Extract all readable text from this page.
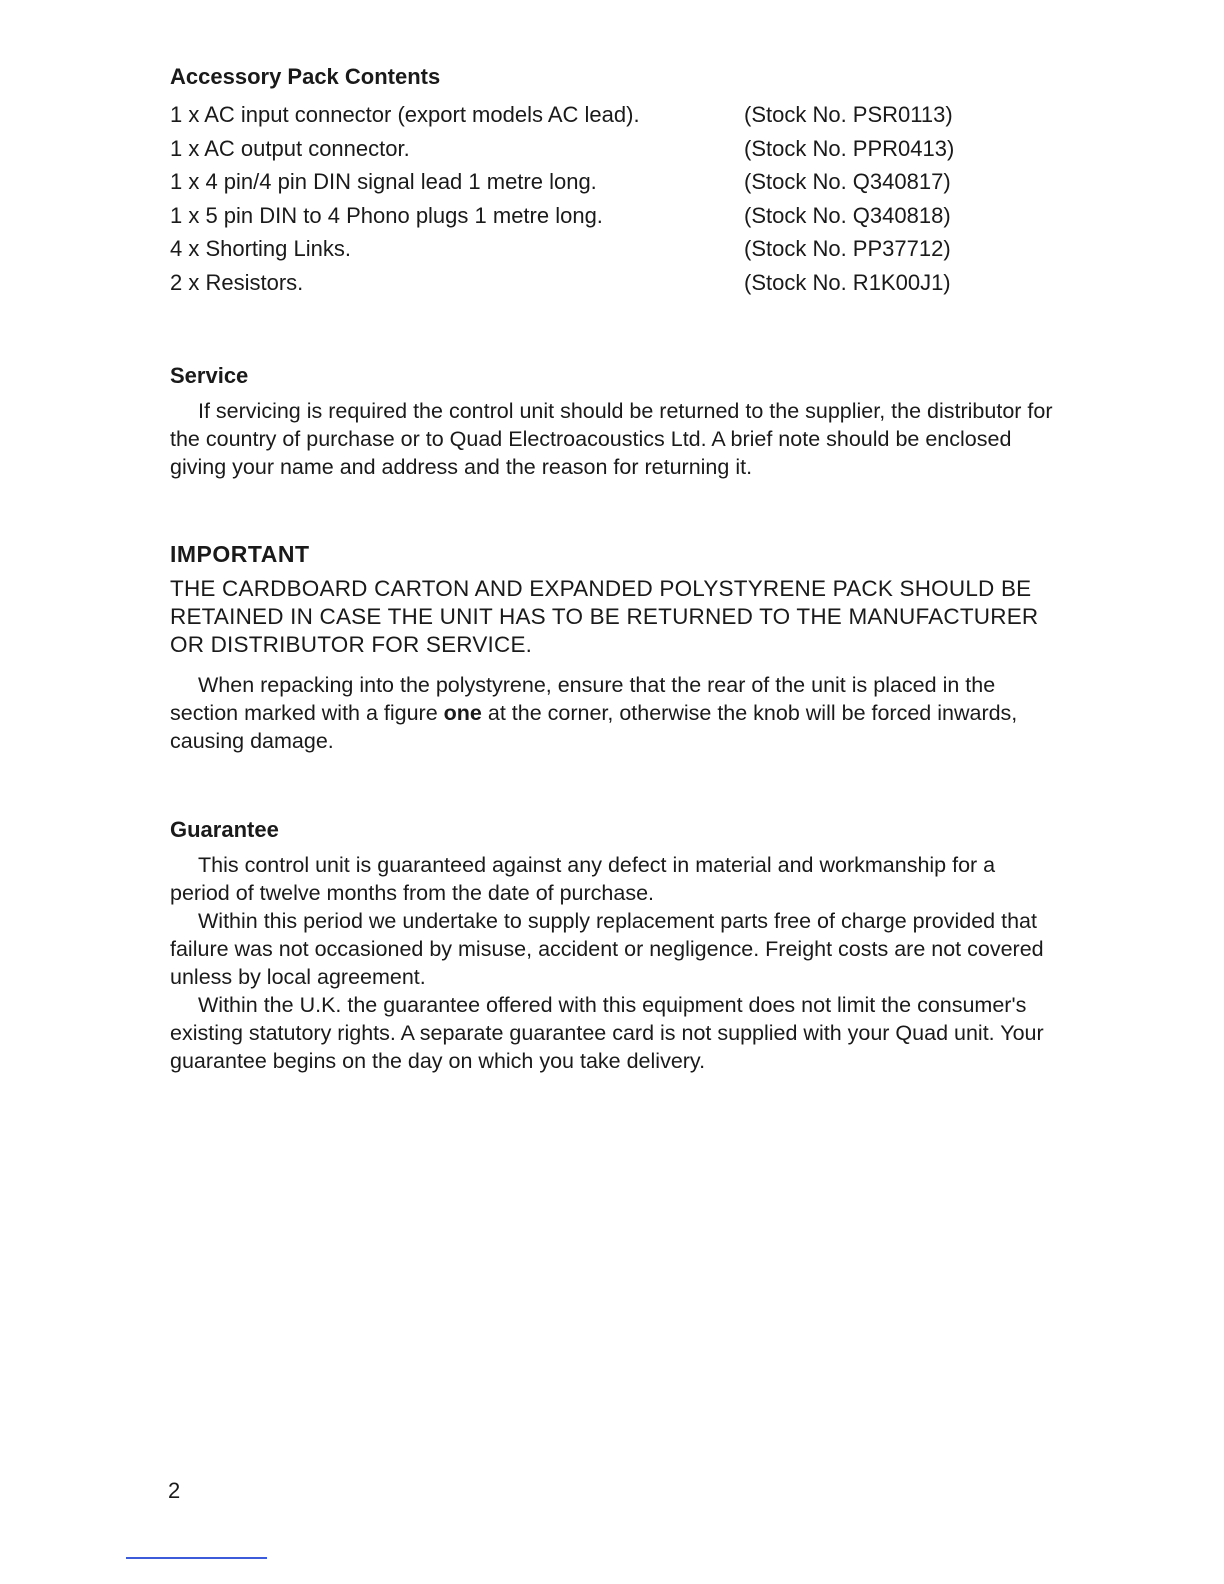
Accessory Pack Contents
1 x AC input connector (export models AC lead).	(Stock No. PSR0113)
1 x AC output connector.	(Stock No. PPR0413)
1 x 4 pin/4 pin DIN signal lead 1 metre long.	(Stock No. Q340817)
1 x 5 pin DIN to 4 Phono plugs 1 metre long.	(Stock No. Q340818)
4 x Shorting Links.	(Stock No. PP37712)
2 x Resistors.	(Stock No. R1K00J1)
Service

If servicing is required the control unit should be returned to the supplier, the distributor for the country of purchase or to Quad Electroacoustics Ltd. A brief note should be enclosed giving your name and address and the reason for returning it.

IMPORTANT

THE CARDBOARD CARTON AND EXPANDED POLYSTYRENE PACK SHOULD BE RETAINED IN CASE THE UNIT HAS TO BE RETURNED TO THE MANUFACTURER OR DISTRIBUTOR FOR SERVICE.

When repacking into the polystyrene, ensure that the rear of the unit is placed in the section marked with a figure one at the corner, otherwise the knob will be forced inwards, causing damage.

Guarantee

This control unit is guaranteed against any defect in material and workmanship for a period of twelve months from the date of purchase.

Within this period we undertake to supply replacement parts free of charge provided that failure was not occasioned by misuse, accident or negligence. Freight costs are not covered unless by local agreement.

Within the U.K. the guarantee offered with this equipment does not limit the consumer's existing statutory rights. A separate guarantee card is not supplied with your Quad unit. Your guarantee begins on the day on which you take delivery.

2
